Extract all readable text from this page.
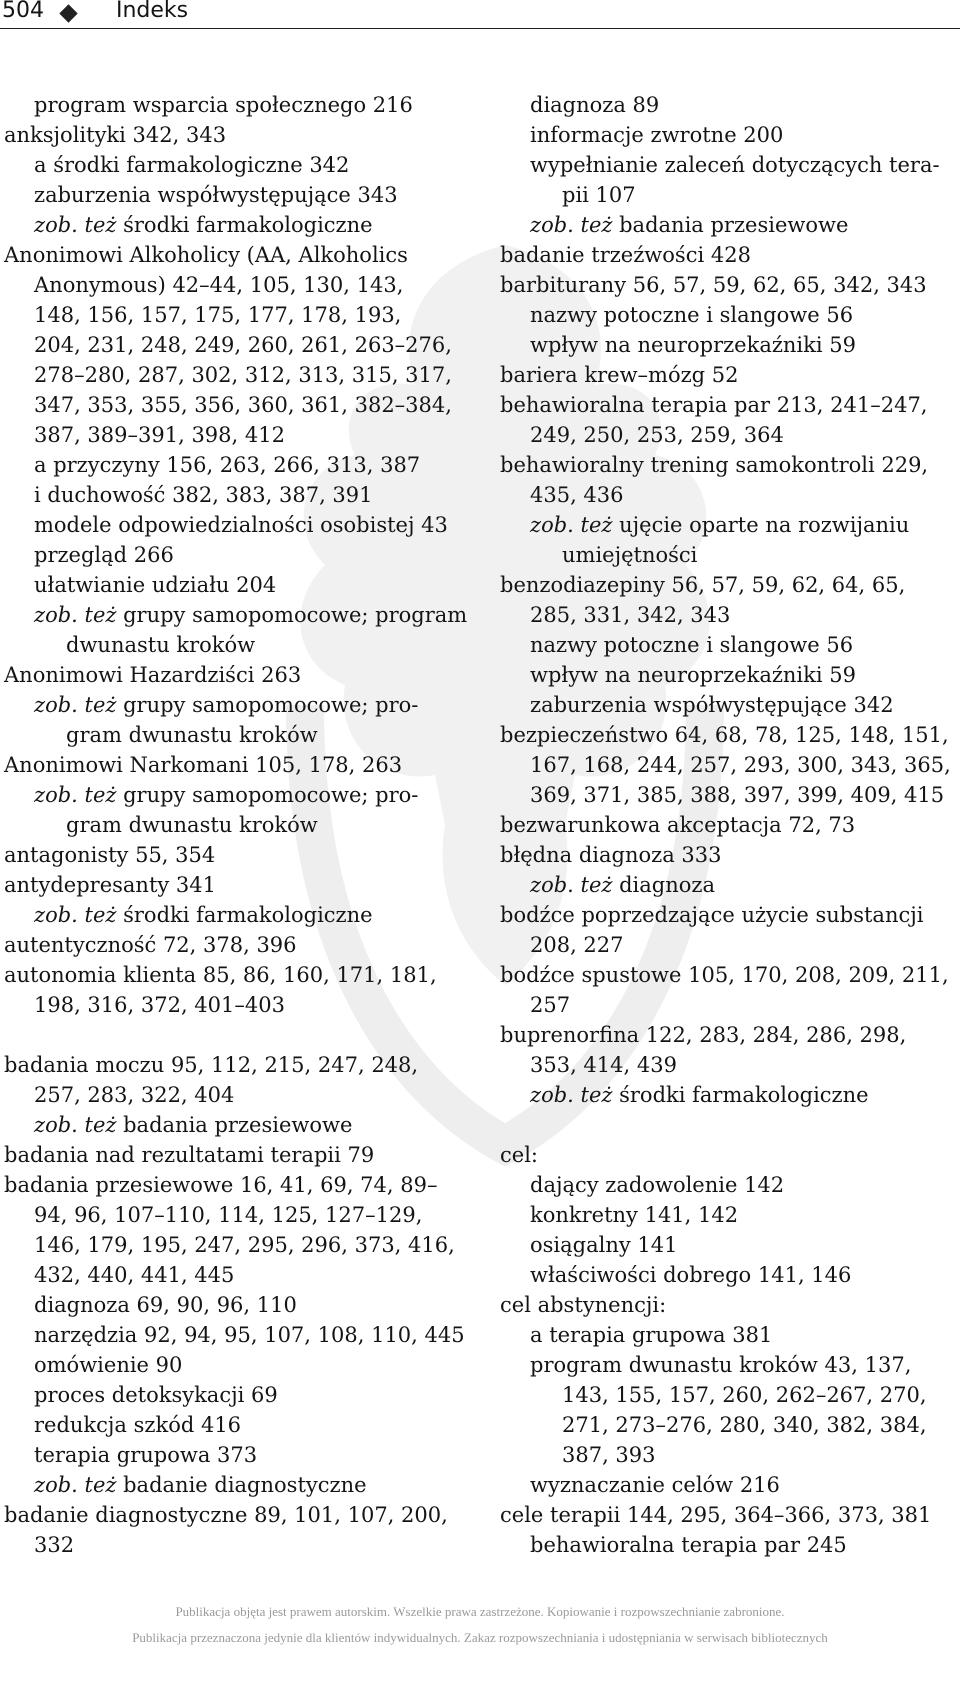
504	Indeks
program wsparcia społecznego 216
anksjolityki 342, 343
a środki farmakologiczne 342
zaburzenia współwystępujące 343
zob. też środki farmakologiczne
Anonimowi Alkoholicy (AA, Alkoholics
Anonymous) 42–44, 105, 130, 143,
148, 156, 157, 175, 177, 178, 193,
204, 231, 248, 249, 260, 261, 263–276,
278–280, 287, 302, 312, 313, 315, 317,
347, 353, 355, 356, 360, 361, 382–384,
387, 389–391, 398, 412
a przyczyny 156, 263, 266, 313, 387
i duchowość 382, 383, 387, 391
modele odpowiedzialności osobistej 43
przegląd 266
ułatwianie udziału 204
zob. też grupy samopomocowe; program
dwunastu kroków
Anonimowi Hazardziści 263
zob. też grupy samopomocowe; pro-
gram dwunastu kroków
Anonimowi Narkomani 105, 178, 263
zob. też grupy samopomocowe; pro-
gram dwunastu kroków
antagonisty 55, 354
antydepresanty 341
zob. też środki farmakologiczne
autentyczność 72, 378, 396
autonomia klienta 85, 86, 160, 171, 181,
198, 316, 372, 401–403
badania moczu 95, 112, 215, 247, 248,
257, 283, 322, 404
zob. też badania przesiewowe
badania nad rezultatami terapii 79
badania przesiewowe 16, 41, 69, 74, 89–
94, 96, 107–110, 114, 125, 127–129,
146, 179, 195, 247, 295, 296, 373, 416,
432, 440, 441, 445
diagnoza 69, 90, 96, 110
narzędzia 92, 94, 95, 107, 108, 110, 445
omówienie 90
proces detoksykacji 69
redukcja szkód 416
terapia grupowa 373
zob. też badanie diagnostyczne
badanie diagnostyczne 89, 101, 107, 200,
332
diagnoza 89
informacje zwrotne 200
wypełnianie zaleceń dotyczących tera-
pii 107
zob. też badania przesiewowe
badanie trzeźwości 428
barbiturany 56, 57, 59, 62, 65, 342, 343
nazwy potoczne i slangowe 56
wpływ na neuroprzekaźniki 59
bariera krew–mózg 52
behawioralna terapia par 213, 241–247,
249, 250, 253, 259, 364
behawioralny trening samokontroli 229,
435, 436
zob. też ujęcie oparte na rozwijaniu
umiejętności
benzodiazepiny 56, 57, 59, 62, 64, 65,
285, 331, 342, 343
nazwy potoczne i slangowe 56
wpływ na neuroprzekaźniki 59
zaburzenia współwystępujące 342
bezpieczeństwo 64, 68, 78, 125, 148, 151,
167, 168, 244, 257, 293, 300, 343, 365,
369, 371, 385, 388, 397, 399, 409, 415
bezwarunkowa akceptacja 72, 73
błędna diagnoza 333
zob. też diagnoza
bodźce poprzedzające użycie substancji
208, 227
bodźce spustowe 105, 170, 208, 209, 211,
257
buprenorfina 122, 283, 284, 286, 298,
353, 414, 439
zob. też środki farmakologiczne
cel:
dający zadowolenie 142
konkretny 141, 142
osiągalny 141
właściwości dobrego 141, 146
cel abstynencji:
a terapia grupowa 381
program dwunastu kroków 43, 137,
143, 155, 157, 260, 262–267, 270,
271, 273–276, 280, 340, 382, 384,
387, 393
wyznaczanie celów 216
cele terapii 144, 295, 364–366, 373, 381
behawioralna terapia par 245
Publikacja objęta jest prawem autorskim. Wszelkie prawa zastrzeżone. Kopiowanie i rozpowszechnianie zabronione.
Publikacja przeznaczona jedynie dla klientów indywidualnych. Zakaz rozpowszechniania i udostępniania w serwisach bibliotecznych
